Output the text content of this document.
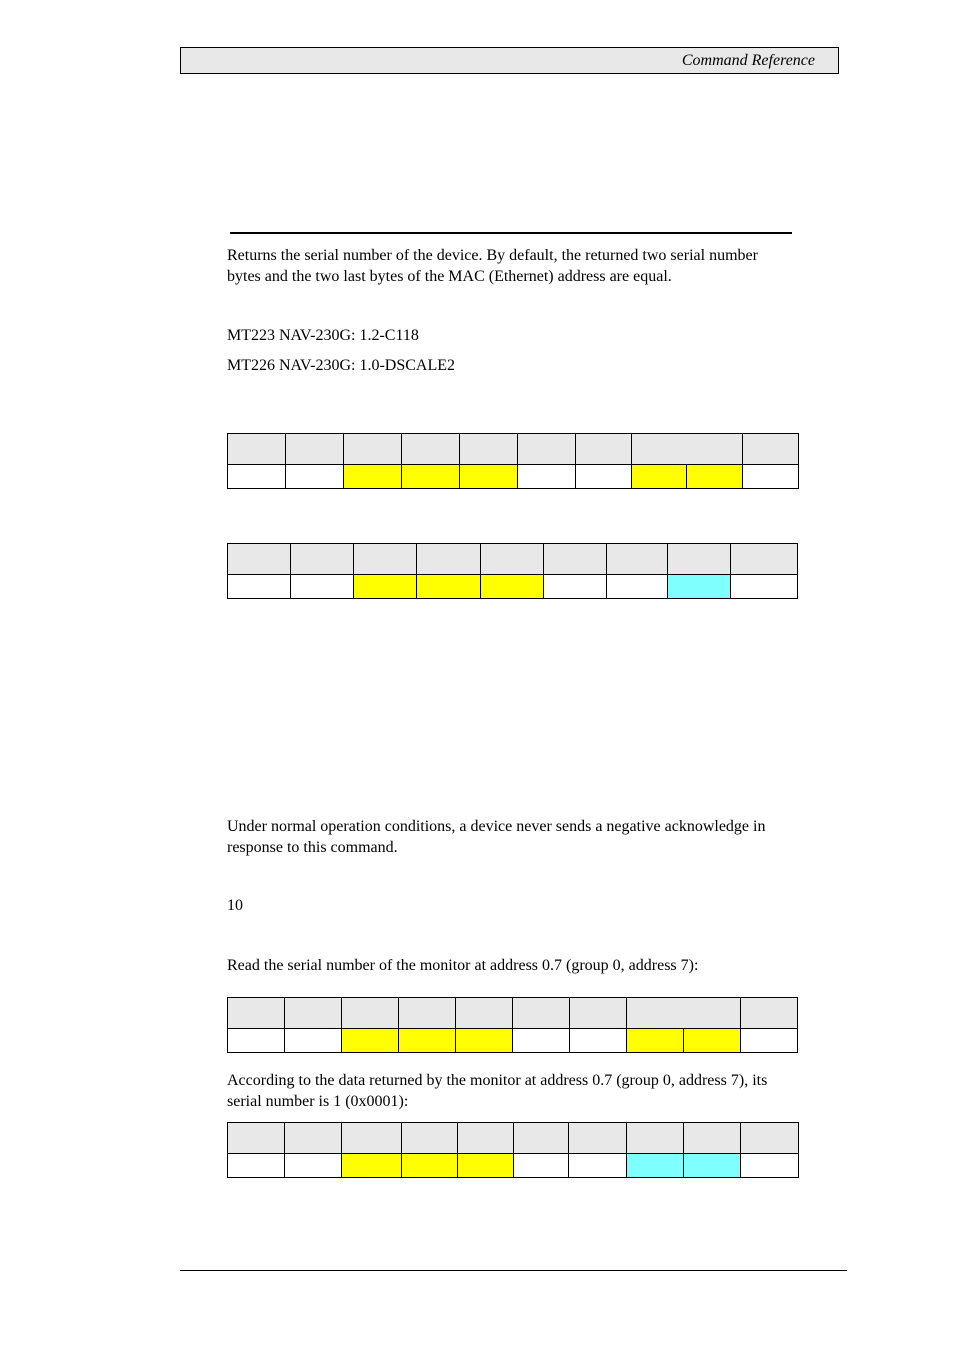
Command Reference
Returns the serial number of the device. By default, the returned two serial number
bytes and the two last bytes of the MAC (Ethernet) address are equal.
MT223 NAV-230G: 1.2-C118
MT226 NAV-230G: 1.0-DSCALE2

Under normal operation conditions, a device never sends a negative acknowledge in
response to this command.
10
Read the serial number of the monitor at address 0.7 (group 0, address 7):

According to the data returned by the monitor at address 0.7 (group 0, address 7), its
serial number is 1 (0x0001):
